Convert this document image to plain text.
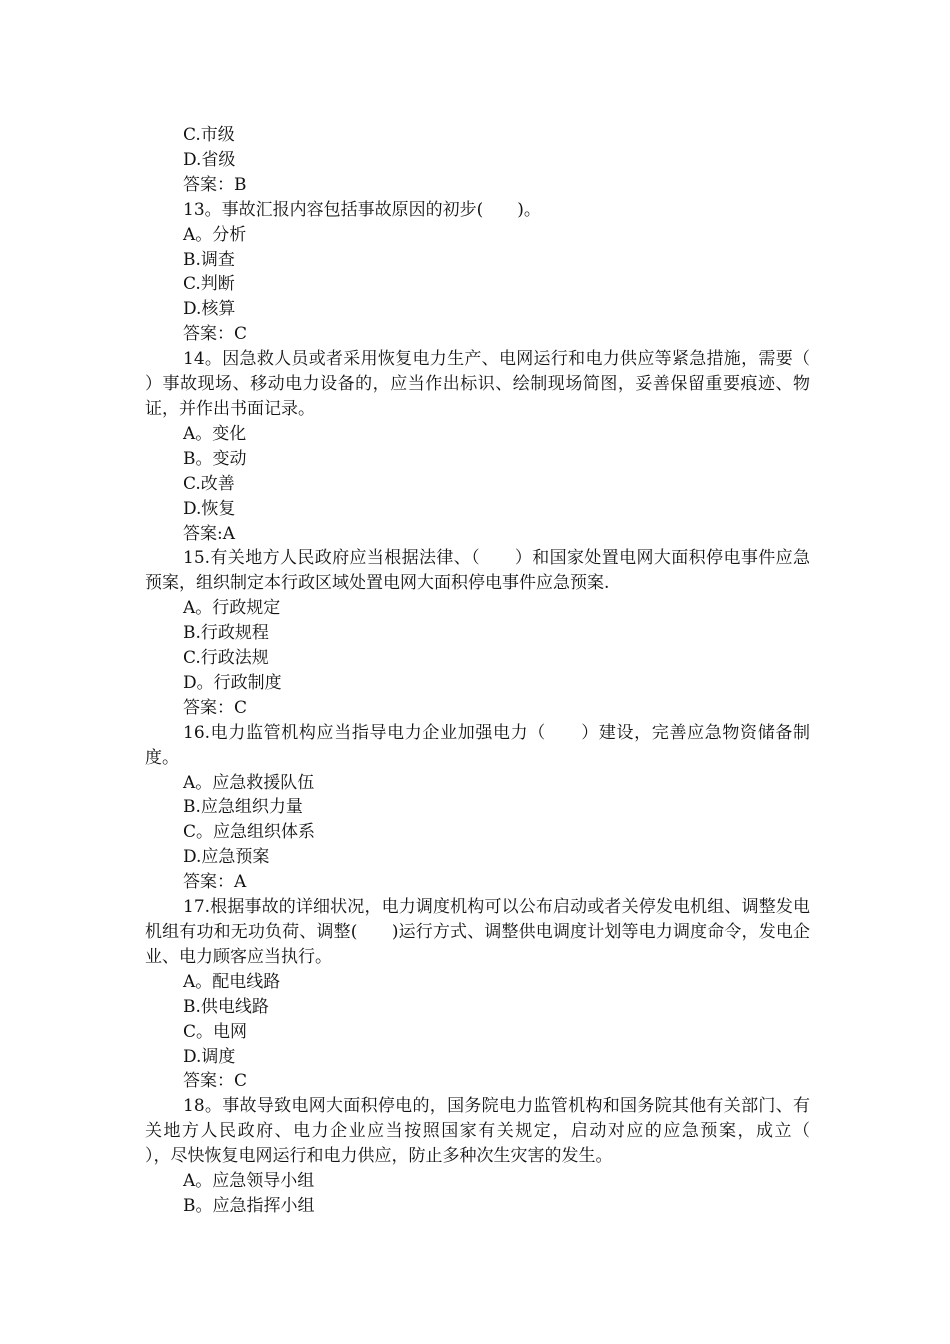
C.市级
D.省级
答案：B
13。事故汇报内容包括事故原因的初步(　　)。
A。分析
B.调查
C.判断
D.核算
答案：C
14。因急救人员或者采用恢复电力生产、电网运行和电力供应等紧急措施，需要（　　）事故现场、移动电力设备的，应当作出标识、绘制现场简图，妥善保留重要痕迹、物证，并作出书面记录。
A。变化
B。变动
C.改善
D.恢复
答案:A
15.有关地方人民政府应当根据法律、（　　）和国家处置电网大面积停电事件应急预案，组织制定本行政区域处置电网大面积停电事件应急预案.
A。行政规定
B.行政规程
C.行政法规
D。行政制度
答案：C
16.电力监管机构应当指导电力企业加强电力（　　）建设，完善应急物资储备制度。
A。应急救援队伍
B.应急组织力量
C。应急组织体系
D.应急预案
答案：A
17.根据事故的详细状况，电力调度机构可以公布启动或者关停发电机组、调整发电机组有功和无功负荷、调整(　　)运行方式、调整供电调度计划等电力调度命令，发电企业、电力顾客应当执行。
A。配电线路
B.供电线路
C。电网
D.调度
答案：C
18。事故导致电网大面积停电的，国务院电力监管机构和国务院其他有关部门、有关地方人民政府、电力企业应当按照国家有关规定，启动对应的应急预案，成立（　　），尽快恢复电网运行和电力供应，防止多种次生灾害的发生。
A。应急领导小组
B。应急指挥小组
